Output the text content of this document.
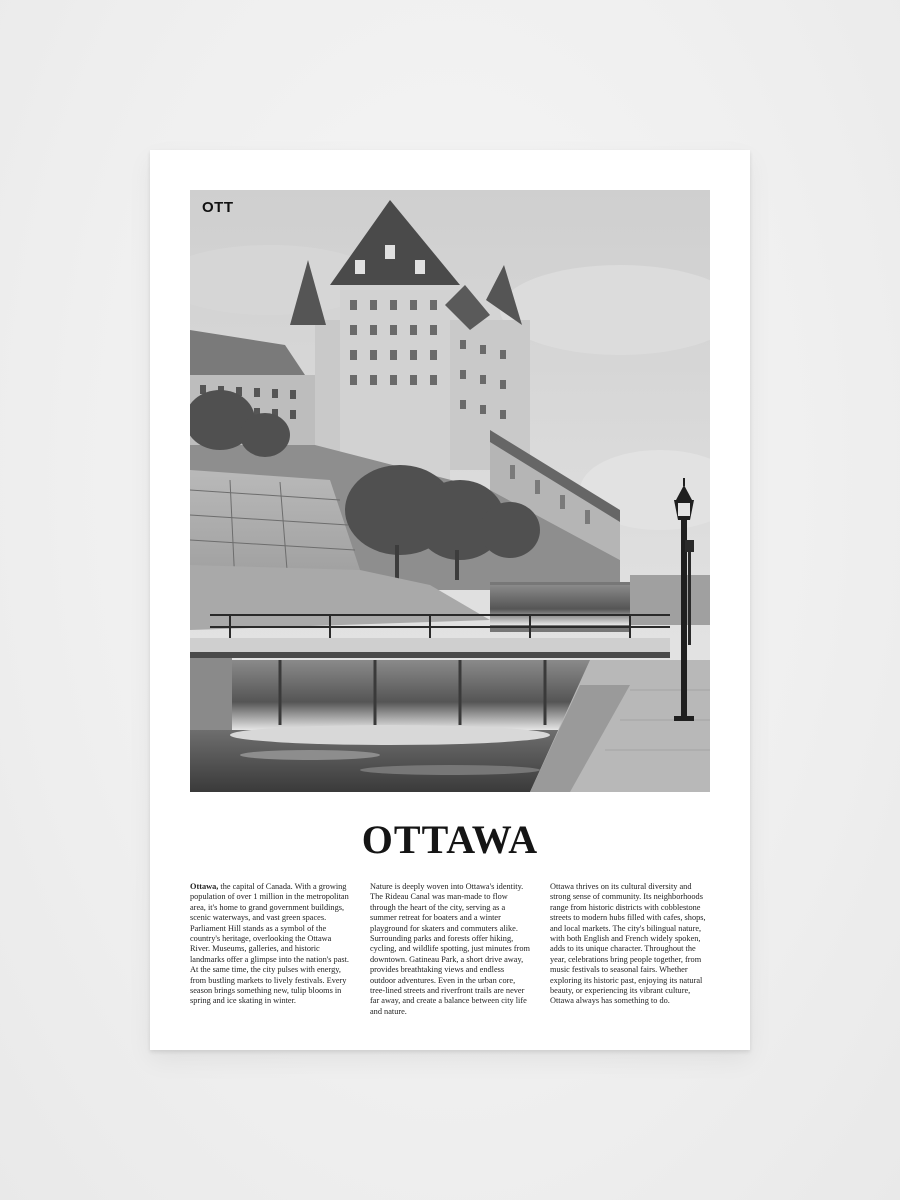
OTT
OTTAWA
Ottawa, the capital of Canada. With a growing population of over 1 million in the metropolitan area, it's home to grand government buildings, scenic waterways, and vast green spaces. Parliament Hill stands as a symbol of the country's heritage, overlooking the Ottawa River. Museums, galleries, and historic landmarks offer a glimpse into the nation's past. At the same time, the city pulses with energy, from bustling markets to lively festivals. Every season brings something new, tulip blooms in spring and ice skating in winter.
Nature is deeply woven into Ottawa's identity. The Rideau Canal was man-made to flow through the heart of the city, serving as a summer retreat for boaters and a winter playground for skaters and commuters alike. Surrounding parks and forests offer hiking, cycling, and wildlife spotting, just minutes from downtown. Gatineau Park, a short drive away, provides breathtaking views and endless outdoor adventures. Even in the urban core, tree-lined streets and riverfront trails are never far away, and create a balance between city life and nature.
Ottawa thrives on its cultural diversity and strong sense of community. Its neighborhoods range from historic districts with cobblestone streets to modern hubs filled with cafes, shops, and local markets. The city's bilingual nature, with both English and French widely spoken, adds to its unique character. Throughout the year, celebrations bring people together, from music festivals to seasonal fairs. Whether exploring its historic past, enjoying its natural beauty, or experiencing its vibrant culture, Ottawa always has something to do.
